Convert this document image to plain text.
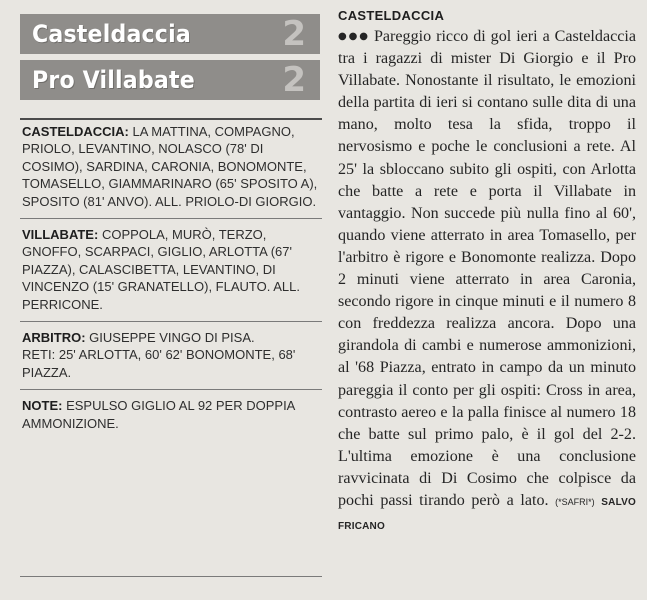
Casteldaccia	2
Pro Villabate	2

CASTELDACCIA: LA MATTINA, COMPAGNO, PRIOLO, LEVANTINO, NOLASCO (78' DI COSIMO), SARDINA, CARONIA, BONOMONTE, TOMASELLO, GIAMMARINARO (65' SPOSITO A), SPOSITO (81' ANVO). ALL. PRIOLO-DI GIORGIO.

VILLABATE: COPPOLA, MURÒ, TERZO, GNOFFO, SCARPACI, GIGLIO, ARLOTTA (67' PIAZZA), CALASCIBETTA, LEVANTINO, DI VINCENZO (15' GRANATELLO), FLAUTO. ALL. PERRICONE.

ARBITRO: GIUSEPPE VINGO DI PISA.

RETI: 25' ARLOTTA, 60' 62' BONOMONTE, 68' PIAZZA.

NOTE: ESPULSO GIGLIO AL 92 PER DOPPIA AMMONIZIONE.

CASTELDACCIA
●●● Pareggio ricco di gol ieri a Casteldaccia tra i ragazzi di mister Di Giorgio e il Pro Villabate. Nonostante il risultato, le emozioni della partita di ieri si contano sulle dita di una mano, molto tesa la sfida, troppo il nervosismo e poche le conclusioni a rete. Al 25' la sbloccano subito gli ospiti, con Arlotta che batte a rete e porta il Villabate in vantaggio. Non succede più nulla fino al 60', quando viene atterrato in area Tomasello, per l'arbitro è rigore e Bonomonte realizza. Dopo 2 minuti viene atterrato in area Caronia, secondo rigore in cinque minuti e il numero 8 con freddezza realizza ancora. Dopo una girandola di cambi e numerose ammonizioni, al '68 Piazza, entrato in campo da un minuto pareggia il conto per gli ospiti: Cross in area, contrasto aereo e la palla finisce al numero 18 che batte sul primo palo, è il gol del 2-2. L'ultima emozione è una conclusione ravvicinata di Di Cosimo che colpisce da pochi passi tirando però a lato. (*SAFRI*) SALVO FRICANO
